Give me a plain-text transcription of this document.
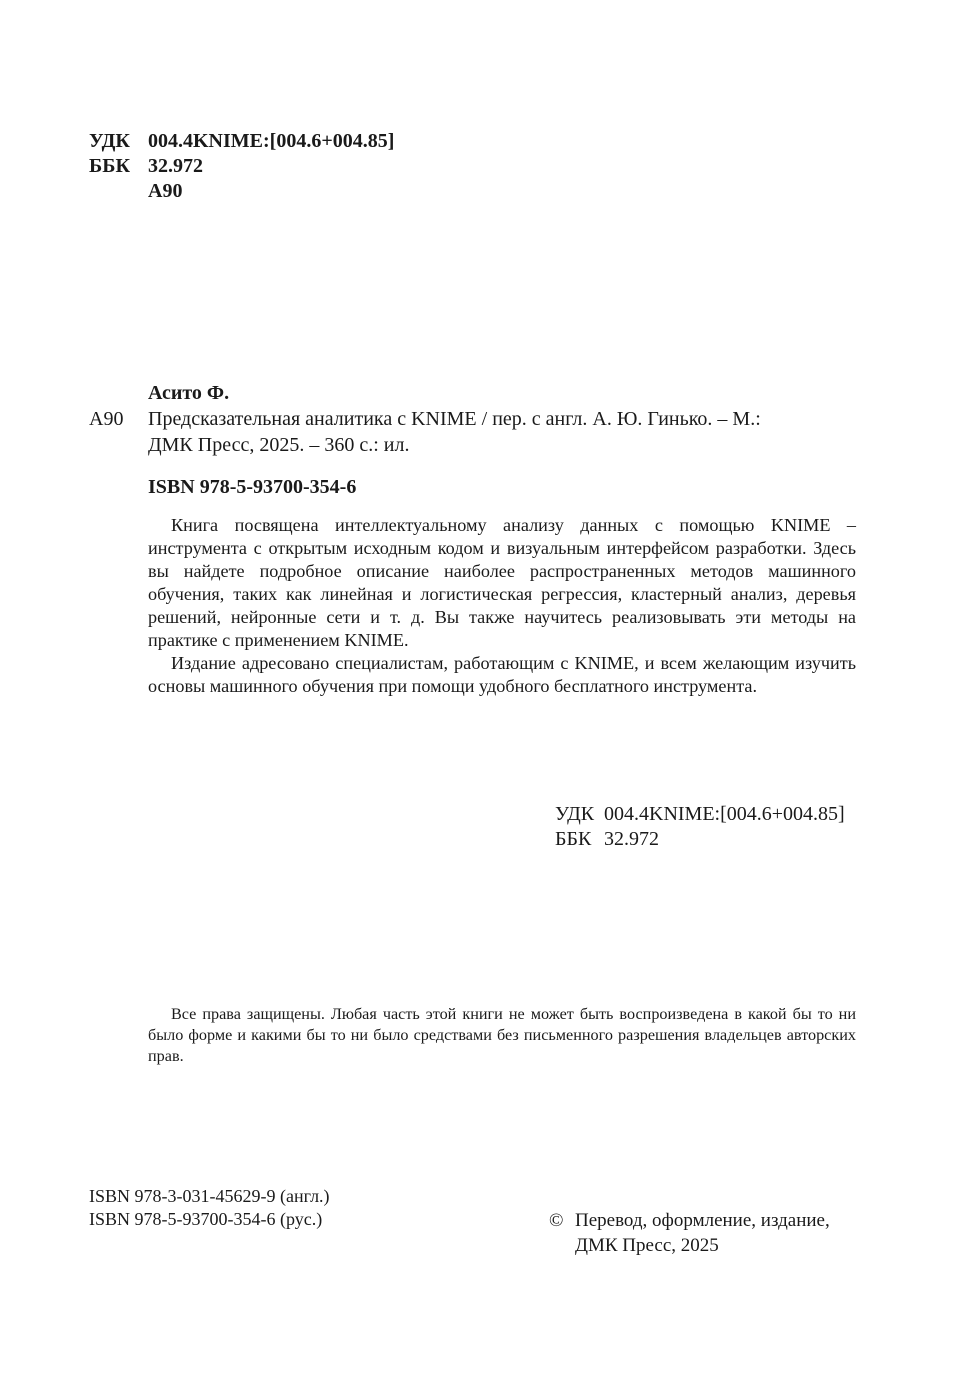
УДК 004.4KNIME:[004.6+004.85]
ББК 32.972
А90
Асито Ф.
А90 Предсказательная аналитика с KNIME / пер. с англ. А. Ю. Гинько. – М.:
ДМК Пресс, 2025. – 360 с.: ил.
ISBN 978-5-93700-354-6

Книга посвящена интеллектуальному анализу данных с помощью KNIME – инструмента с открытым исходным кодом и визуальным интерфейсом разработки. Здесь вы найдете подробное описание наиболее распространенных методов машинного обучения, таких как линейная и логистическая регрессия, кластерный анализ, деревья решений, нейронные сети и т. д. Вы также научитесь реализовывать эти методы на практике с применением KNIME.

Издание адресовано специалистам, работающим с KNIME, и всем желающим изучить основы машинного обучения при помощи удобного бесплатного инструмента.

УДК 004.4KNIME:[004.6+004.85]
ББК 32.972

Все права защищены. Любая часть этой книги не может быть воспроизведена в какой бы то ни было форме и какими бы то ни было средствами без письменного разрешения владельцев авторских прав.

ISBN 978-3-031-45629-9 (англ.)
ISBN 978-5-93700-354-6 (рус.)	© Перевод, оформление, издание,
ДМК Пресс, 2025
